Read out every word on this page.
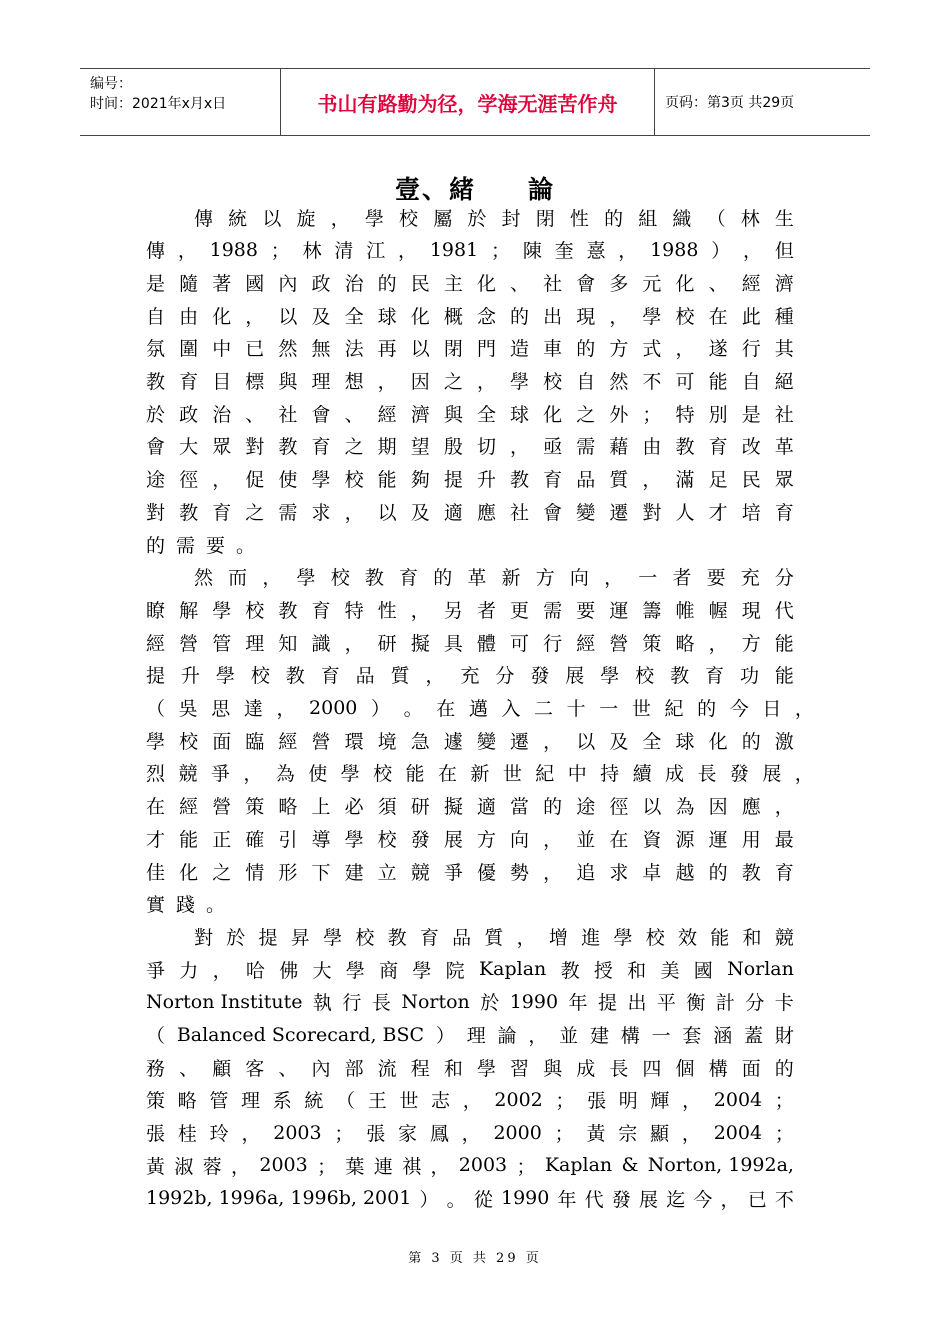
编号：
时间：2021年x月x日	书山有路勤为径，学海无涯苦作舟	页码：第3页 共29页
壹、緒 論
傳 統 以 旋 ， 學 校 屬 於 封 閉 性 的 組 織 （ 林 生
傳 ， 1988 ； 林 清 江 ， 1981 ； 陳 奎 憙 ， 1988 ） ， 但
是 隨 著 國 內 政 治 的 民 主 化 、 社 會 多 元 化 、 經 濟
自 由 化 ， 以 及 全 球 化 概 念 的 出 現 ， 學 校 在 此 種
氛 圍 中 已 然 無 法 再 以 閉 門 造 車 的 方 式 ， 遂 行 其
教 育 目 標 與 理 想 ， 因 之 ， 學 校 自 然 不 可 能 自 絕
於 政 治 、 社 會 、 經 濟 與 全 球 化 之 外 ； 特 別 是 社
會 大 眾 對 教 育 之 期 望 殷 切 ， 亟 需 藉 由 教 育 改 革
途 徑 ， 促 使 學 校 能 夠 提 升 教 育 品 質 ， 滿 足 民 眾
對 教 育 之 需 求 ， 以 及 適 應 社 會 變 遷 對 人 才 培 育
的需要。
然 而 ， 學 校 教 育 的 革 新 方 向 ， 一 者 要 充 分
瞭 解 學 校 教 育 特 性 ， 另 者 更 需 要 運 籌 帷 幄 現 代
經 營 管 理 知 識 ， 研 擬 具 體 可 行 經 營 策 略 ， 方 能
提 升 學 校 教 育 品 質 ， 充 分 發 展 學 校 教 育 功 能
（ 吳 思 達 ， 2000 ） 。 在 邁 入 二 十 一 世 紀 的 今 日 ，
學 校 面 臨 經 營 環 境 急 遽 變 遷 ， 以 及 全 球 化 的 激
烈 競 爭 ， 為 使 學 校 能 在 新 世 紀 中 持 續 成 長 發 展 ，
在 經 營 策 略 上 必 須 研 擬 適 當 的 途 徑 以 為 因 應 ，
才 能 正 確 引 導 學 校 發 展 方 向 ， 並 在 資 源 運 用 最
佳 化 之 情 形 下 建 立 競 爭 優 勢 ， 追 求 卓 越 的 教 育
實踐。
對 於 提 昇 學 校 教 育 品 質 ， 增 進 學 校 效 能 和 競
爭 力 ， 哈 佛 大 學 商 學 院 Kaplan 教 授 和 美 國 Norlan
Norton Institute 執 行 長 Norton 於 1990 年 提 出 平 衡 計 分 卡
（ Balanced Scorecard, BSC ） 理 論 ， 並 建 構 一 套 涵 蓋 財
務 、 顧 客 、 內 部 流 程 和 學 習 與 成 長 四 個 構 面 的
策 略 管 理 系 統 （ 王 世 志 ， 2002 ； 張 明 輝 ， 2004 ；
張 桂 玲 ， 2003 ； 張 家 鳳 ， 2000 ； 黃 宗 顯 ， 2004 ；
黃 淑 蓉 ， 2003 ； 葉 連 祺 ， 2003 ； Kaplan & Norton, 1992a,
1992b, 1996a, 1996b, 2001 ） 。 從 1990 年 代 發 展 迄 今 ， 已 不
第 3 页 共 29 页
